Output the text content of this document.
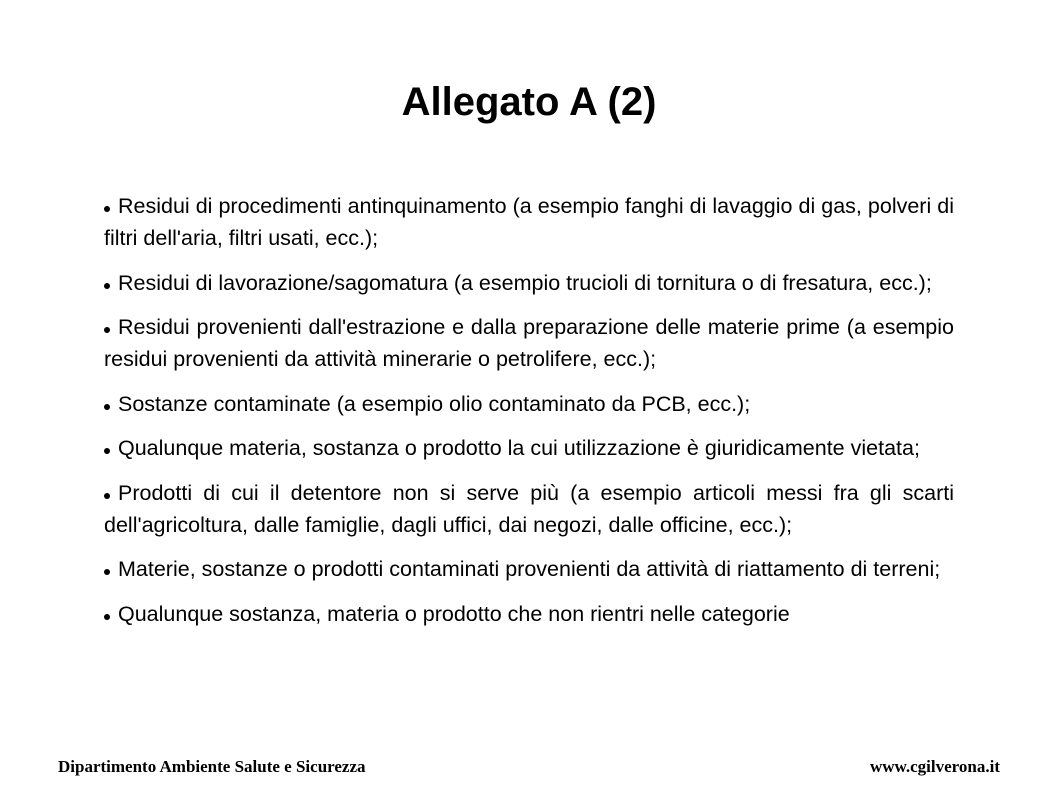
Allegato A (2)
Residui di procedimenti antinquinamento (a esempio fanghi di lavaggio di gas, polveri di filtri dell'aria, filtri usati, ecc.);
Residui di lavorazione/sagomatura (a esempio trucioli di tornitura o di fresatura, ecc.);
Residui provenienti dall'estrazione e dalla preparazione delle materie prime (a esempio residui provenienti da attività minerarie o petrolifere, ecc.);
Sostanze contaminate (a esempio olio contaminato da PCB, ecc.);
Qualunque materia, sostanza o prodotto la cui utilizzazione è giuridicamente vietata;
Prodotti di cui il detentore non si serve più (a esempio articoli messi fra gli scarti dell'agricoltura, dalle famiglie, dagli uffici, dai negozi, dalle officine, ecc.);
Materie, sostanze o prodotti contaminati provenienti da attività di riattamento di terreni;
Qualunque sostanza, materia o prodotto che non rientri nelle categorie
Dipartimento Ambiente Salute e Sicurezza	www.cgilverona.it
